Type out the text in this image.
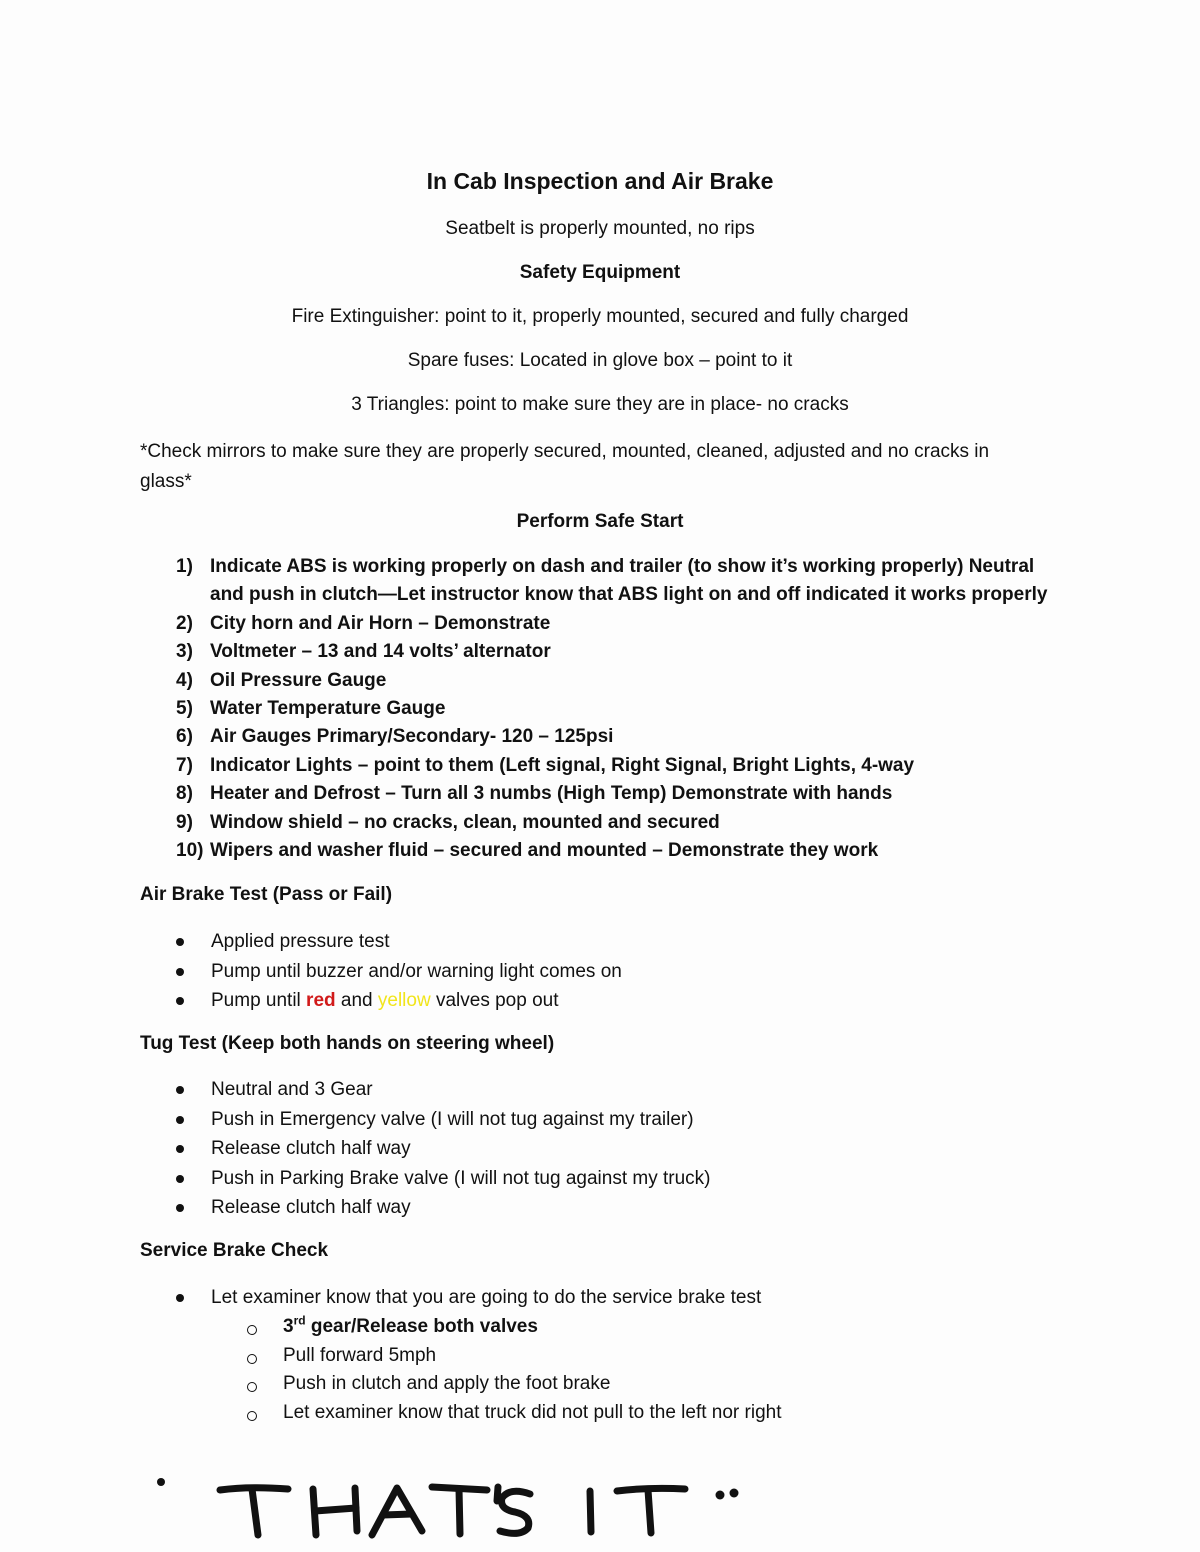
In Cab Inspection and Air Brake
Seatbelt is properly mounted, no rips
Safety Equipment
Fire Extinguisher: point to it, properly mounted, secured and fully charged
Spare fuses: Located in glove box – point to it
3 Triangles: point to make sure they are in place- no cracks
*Check mirrors to make sure they are properly secured, mounted, cleaned, adjusted and no cracks in glass*
Perform Safe Start
1) Indicate ABS is working properly on dash and trailer (to show it’s working properly) Neutral and push in clutch—Let instructor know that ABS light on and off indicated it works properly
2) City horn and Air Horn – Demonstrate
3) Voltmeter – 13 and 14 volts’ alternator
4) Oil Pressure Gauge
5) Water Temperature Gauge
6) Air Gauges Primary/Secondary- 120 – 125psi
7) Indicator Lights – point to them (Left signal, Right Signal, Bright Lights, 4-way
8) Heater and Defrost – Turn all 3 numbs (High Temp) Demonstrate with hands
9) Window shield – no cracks, clean, mounted and secured
10) Wipers and washer fluid – secured and mounted – Demonstrate they work
Air Brake Test (Pass or Fail)
Applied pressure test
Pump until buzzer and/or warning light comes on
Pump until red and yellow valves pop out
Tug Test (Keep both hands on steering wheel)
Neutral and 3 Gear
Push in Emergency valve (I will not tug against my trailer)
Release clutch half way
Push in Parking Brake valve (I will not tug against my truck)
Release clutch half way
Service Brake Check
Let examiner know that you are going to do the service brake test
3rd gear/Release both valves
Pull forward 5mph
Push in clutch and apply the foot brake
Let examiner know that truck did not pull to the left nor right
